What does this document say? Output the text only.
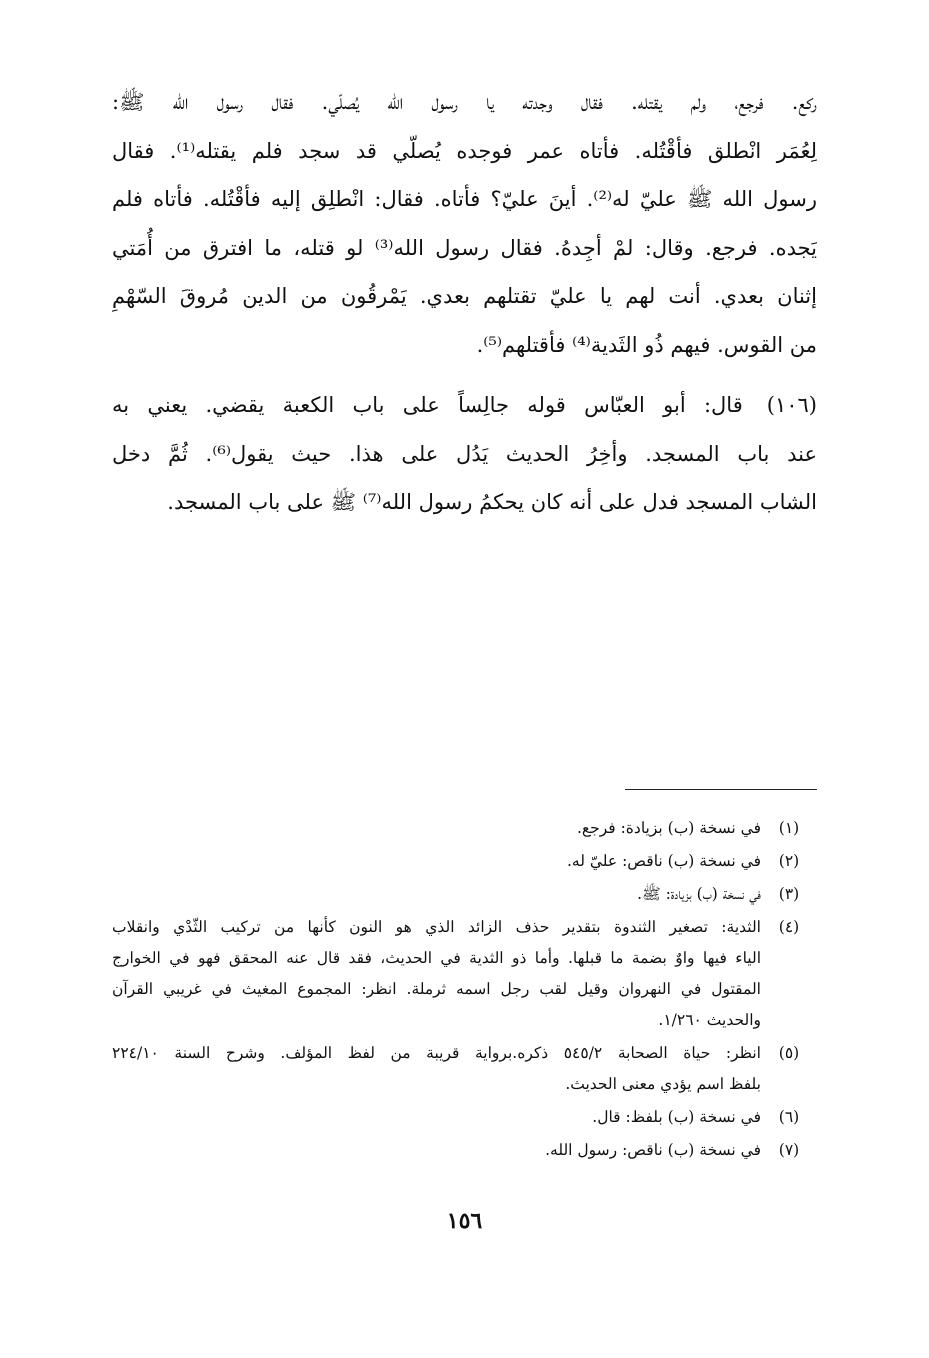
ركع. فرجع، ولم يقتله. فقال وجدته يا رسول الله يُصلّي. فقال رسول الله ﷺ:
لِعُمَر انْطلق فأقْتُله. فأتاه عمر فوجده يُصلّي قد سجد فلم يقتله⁽¹⁾. فقال
رسول الله ﷺ عليّ له⁽²⁾. أينَ عليّ؟ فأتاه. فقال: انْطلِق إليه فأقْتُله. فأتاه فلم
يَجده. فرجع. وقال: لمْ أجِدهُ. فقال رسول الله⁽³⁾ لو قتله، ما افترق من أُمَتي
إثنان بعدي. أنت لهم يا عليّ تقتلهم بعدي. يَمْرقُون من الدين مُروقَ السّهْمِ
من القوس. فيهم ذُو الثَدية⁽⁴⁾ فأقتلهم⁽⁵⁾.
(١٠٦)قال: أبو العبّاس قوله جالِساً على باب الكعبة يقضي. يعني به
عند باب المسجد. وأخِرُ الحديث يَدُل على هذا. حيث يقول⁽⁶⁾. ثُمَّ دخل
الشاب المسجد فدل على أنه كان يحكمُ رسول الله⁽⁷⁾ ﷺ على باب المسجد.
(١)
في نسخة (ب) بزيادة: فرجع.
(٢)
في نسخة (ب) ناقص: عليّ له.
(٣)
في نسخة (ب) بزيادة: ﷺ.
(٤)
الثدية: تصغير الثندوة بتقدير حذف الزائد الذي هو النون كأنها من تركيب الثّدْي وانقلاب
الياء فيها واوٌ بضمة ما قبلها. وأما ذو الثدية في الحديث، فقد قال عنه المحقق فهو في الخوارج
المقتول في النهروان وقيل لقب رجل اسمه ثرملة. انظر: المجموع المغيث في غريبي القرآن
والحديث ١/٢٦٠.
(٥)
انظر: حياة الصحابة ٥٤٥/٢ ذكره.برواية قريبة من لفظ المؤلف. وشرح السنة ٢٢٤/١٠
بلفظ اسم يؤدي معنى الحديث.
(٦)
في نسخة (ب) بلفظ: قال.
(٧)
في نسخة (ب) ناقص: رسول الله.
١٥٦
